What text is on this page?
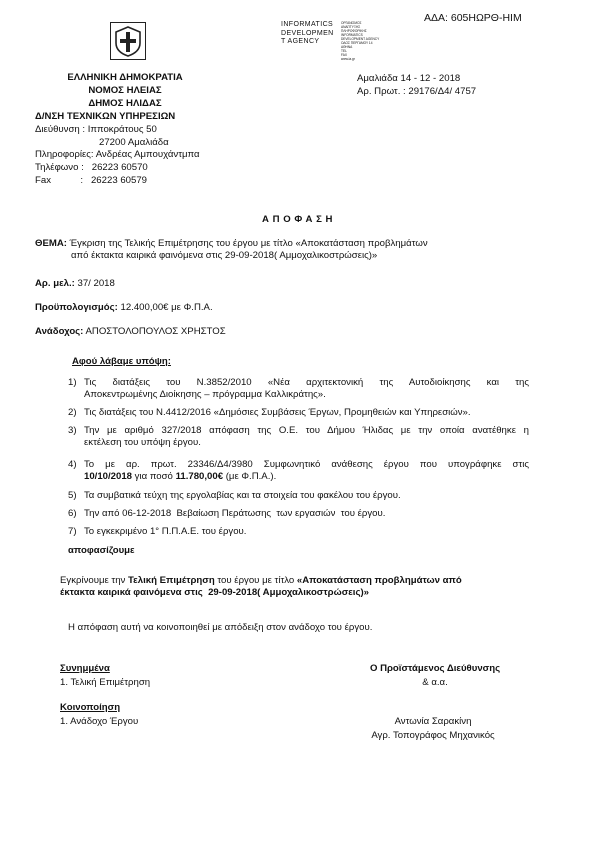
ΑΔΑ: 605ΗΩΡΘ-ΗΙΜ
INFORMATICS
DEVELOPMEN
T AGENCY
ΟΡΓΑΝΙΣΜΟΣ
ΑΝΑΠΤΥΞΗΣ
ΠΛΗΡΟΦΟΡΙΚΗΣ
INFORMATICS DEVELOPMENT AGENCY
ΟΔΟΣ ΠΕΡΓΑΜΟΥ 14
ΑΘΗΝΑ
TEL
FAX
www.ia.gr
ΕΛΛΗΝΙΚΗ ΔΗΜΟΚΡΑΤΙΑ
ΝΟΜΟΣ ΗΛΕΙΑΣ
ΔΗΜΟΣ ΗΛΙΔΑΣ
Δ/ΝΣΗ ΤΕΧΝΙΚΩΝ ΥΠΗΡΕΣΙΩΝ
Διεύθυνση : Ιπποκράτους 50
27200 Αμαλιάδα
Πληροφορίες: Ανδρέας Αμπουχάντμπα
Τηλέφωνο :   26223 60570
Fax           :   26223 60579
Αμαλιάδα 14 - 12 - 2018
Αρ. Πρωτ. : 29176/Δ4/ 4757
Α Π Ο Φ Α Σ Η
ΘΕΜΑ: Έγκριση της Τελικής Επιμέτρησης του έργου με τίτλο «Αποκατάσταση προβλημάτων
από έκτακτα καιρικά φαινόμενα στις 29-09-2018( Αμμοχαλικοστρώσεις)»
Αρ. μελ.: 37/ 2018
Προϋπολογισμός: 12.400,00€ με Φ.Π.Α.
Ανάδοχος: ΑΠΟΣΤΟΛΟΠΟΥΛΟΣ ΧΡΗΣΤΟΣ
Αφού λάβαμε υπόψη:
1) Τις διατάξεις του Ν.3852/2010 «Νέα αρχιτεκτονική της Αυτοδιοίκησης και της
Αποκεντρωμένης Διοίκησης – πρόγραμμα Καλλικράτης».
2) Τις διατάξεις του Ν.4412/2016 «Δημόσιες Συμβάσεις Έργων, Προμηθειών και Υπηρεσιών».
3) Την με αριθμό 327/2018 απόφαση της Ο.Ε. του Δήμου Ήλιδας με την οποία ανατέθηκε η
εκτέλεση του υπόψη έργου.
4) Το με αρ. πρωτ. 23346/Δ4/3980 Συμφωνητικό ανάθεσης έργου που υπογράφηκε στις
10/10/2018 για ποσό 11.780,00€ (με Φ.Π.Α.).
5) Τα συμβατικά τεύχη της εργολαβίας και τα στοιχεία του φακέλου του έργου.
6) Την από 06-12-2018  Βεβαίωση Περάτωσης  των εργασιών  του έργου.
7) Το εγκεκριμένο 1° Π.Π.Α.Ε. του έργου.
αποφασίζουμε
Εγκρίνουμε την Τελική Επιμέτρηση του έργου με τίτλο «Αποκατάσταση προβλημάτων από
έκτακτα καιρικά φαινόμενα στις  29-09-2018( Αμμοχαλικοστρώσεις)»
Η απόφαση αυτή να κοινοποιηθεί με απόδειξη στον ανάδοχο του έργου.
Συνημμένα
1. Τελική Επιμέτρηση
Ο Προϊστάμενος Διεύθυνσης
& α.α.
Κοινοποίηση
1. Ανάδοχο Έργου	Αντωνία Σαρακίνη
Αγρ. Τοπογράφος Μηχανικός
